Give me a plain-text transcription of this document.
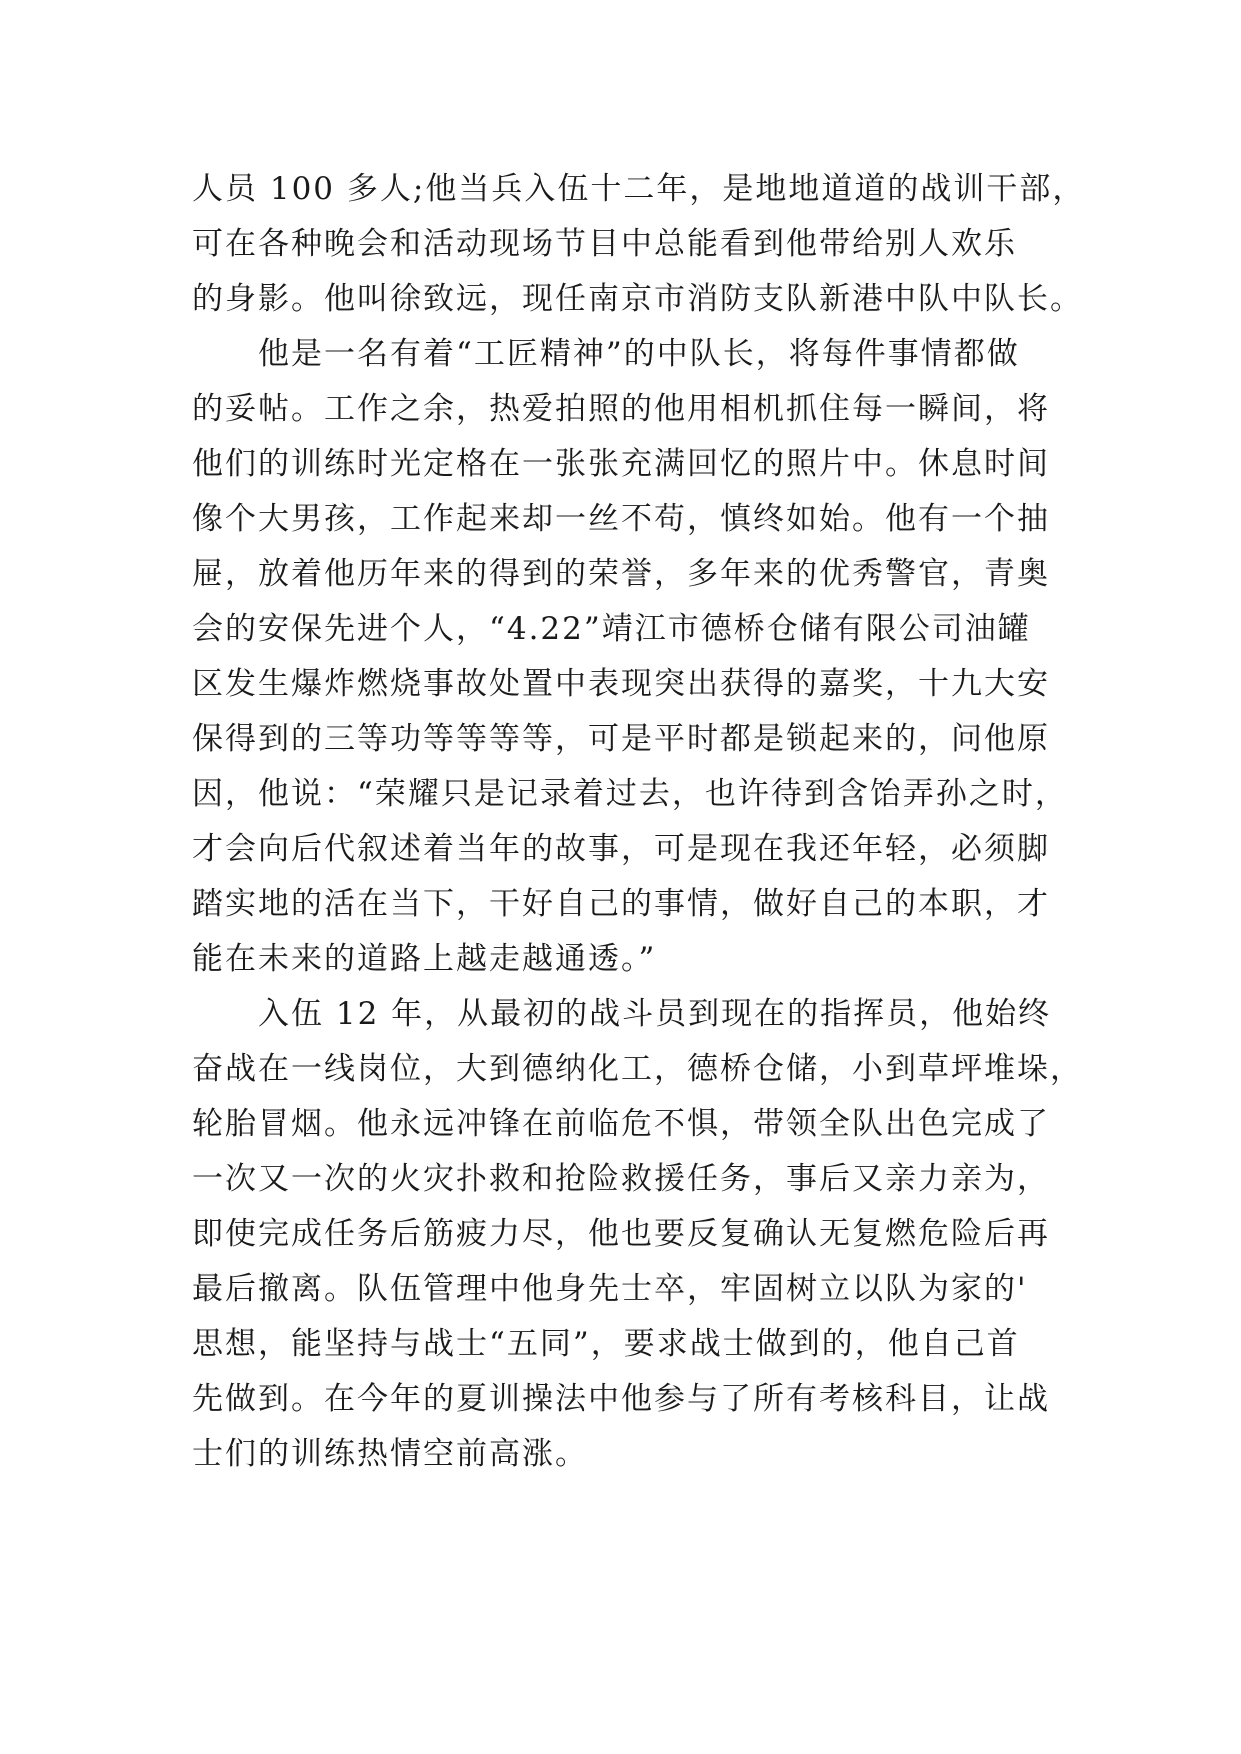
人员 100 多人;他当兵入伍十二年，是地地道道的战训干部，
可在各种晚会和活动现场节目中总能看到他带给别人欢乐
的身影。他叫徐致远，现任南京市消防支队新港中队中队长。
　　他是一名有着“工匠精神”的中队长，将每件事情都做
的妥帖。工作之余，热爱拍照的他用相机抓住每一瞬间，将
他们的训练时光定格在一张张充满回忆的照片中。休息时间
像个大男孩，工作起来却一丝不苟，慎终如始。他有一个抽
屉，放着他历年来的得到的荣誉，多年来的优秀警官，青奥
会的安保先进个人，“4.22”靖江市德桥仓储有限公司油罐
区发生爆炸燃烧事故处置中表现突出获得的嘉奖，十九大安
保得到的三等功等等等等，可是平时都是锁起来的，问他原
因，他说：“荣耀只是记录着过去，也许待到含饴弄孙之时，
才会向后代叙述着当年的故事，可是现在我还年轻，必须脚
踏实地的活在当下，干好自己的事情，做好自己的本职，才
能在未来的道路上越走越通透。”
　　入伍 12 年，从最初的战斗员到现在的指挥员，他始终
奋战在一线岗位，大到德纳化工，德桥仓储，小到草坪堆垛，
轮胎冒烟。他永远冲锋在前临危不惧，带领全队出色完成了
一次又一次的火灾扑救和抢险救援任务，事后又亲力亲为，
即使完成任务后筋疲力尽，他也要反复确认无复燃危险后再
最后撤离。队伍管理中他身先士卒，牢固树立以队为家的'
思想，能坚持与战士“五同”，要求战士做到的，他自己首
先做到。在今年的夏训操法中他参与了所有考核科目，让战
士们的训练热情空前高涨。
